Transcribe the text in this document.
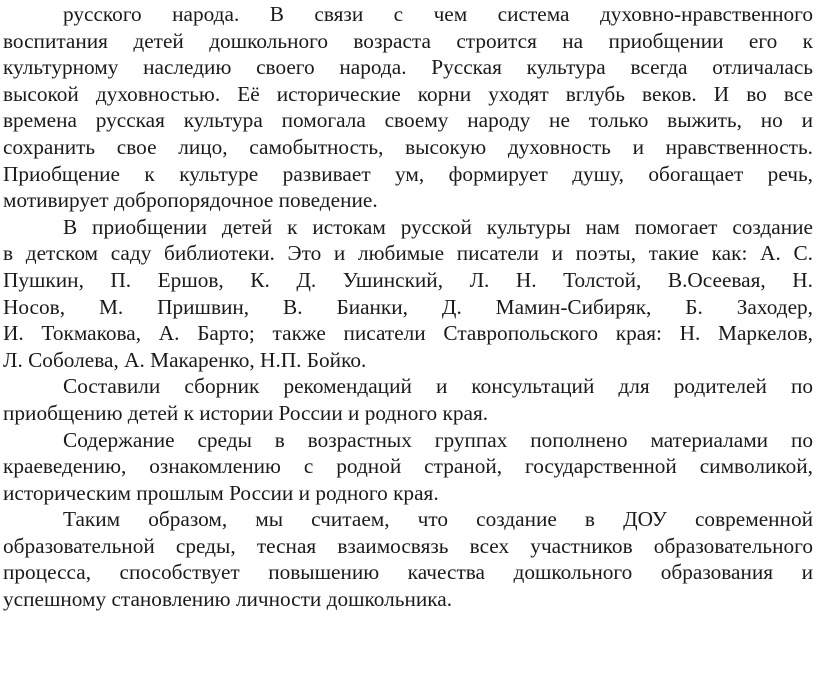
русского народа. В связи с чем система духовно-нравственного
воспитания детей дошкольного возраста строится на приобщении его к
культурному наследию своего народа. Русская культура всегда отличалась
высокой духовностью. Её исторические корни уходят вглубь веков. И во все
времена русская культура помогала своему народу не только выжить, но и
сохранить свое лицо, самобытность, высокую духовность и нравственность.
Приобщение к культуре развивает ум, формирует душу, обогащает речь,
мотивирует добропорядочное поведение.
В приобщении детей к истокам русской культуры нам помогает создание
в детском саду библиотеки. Это и любимые писатели и поэты, такие как: А. С.
Пушкин, П. Ершов, К. Д. Ушинский, Л. Н. Толстой, В.Осеевая, Н.
Носов, М. Пришвин, В. Бианки, Д. Мамин-Сибиряк, Б. Заходер,
И. Токмакова, А. Барто; также писатели Ставропольского края: Н. Маркелов,
Л. Соболева, А. Макаренко, Н.П. Бойко.
Составили сборник рекомендаций и консультаций для родителей по
приобщению детей к истории России и родного края.
Содержание среды в возрастных группах пополнено материалами по
краеведению, ознакомлению с родной страной, государственной символикой,
историческим прошлым России и родного края.
Таким образом, мы считаем, что создание в ДОУ современной
образовательной среды, тесная взаимосвязь всех участников образовательного
процесса, способствует повышению качества дошкольного образования и
успешному становлению личности дошкольника.
